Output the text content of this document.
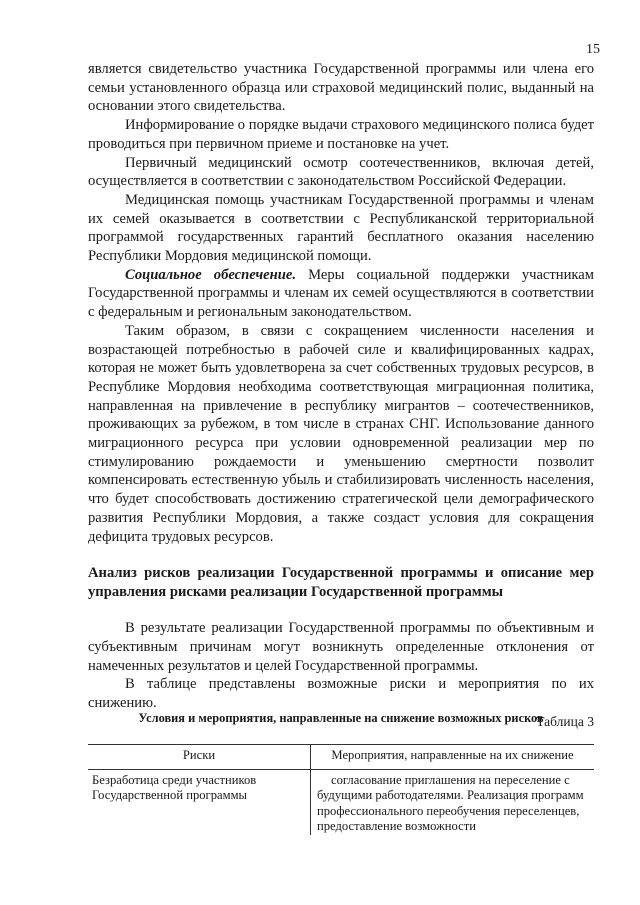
15

является свидетельство участника Государственной программы или члена его семьи установленного образца или страховой медицинский полис, выданный на основании этого свидетельства.

Информирование о порядке выдачи страхового медицинского полиса будет проводиться при первичном приеме и постановке на учет.

Первичный медицинский осмотр соотечественников, включая детей, осуществляется в соответствии с законодательством Российской Федерации.

Медицинская помощь участникам Государственной программы и членам их семей оказывается в соответствии с Республиканской территориальной программой государственных гарантий бесплатного оказания населению Республики Мордовия медицинской помощи.

Социальное обеспечение. Меры социальной поддержки участникам Государственной программы и членам их семей осуществляются в соответствии с федеральным и региональным законодательством.

Таким образом, в связи с сокращением численности населения и возрастающей потребностью в рабочей силе и квалифицированных кадрах, которая не может быть удовлетворена за счет собственных трудовых ресурсов, в Республике Мордовия необходима соответствующая миграционная политика, направленная на привлечение в республику мигрантов – соотечественников, проживающих за рубежом, в том числе в странах СНГ. Использование данного миграционного ресурса при условии одновременной реализации мер по стимулированию рождаемости и уменьшению смертности позволит компенсировать естественную убыль и стабилизировать численность населения, что будет способствовать достижению стратегической цели демографического развития Республики Мордовия, а также создаст условия для сокращения дефицита трудовых ресурсов.

Анализ рисков реализации Государственной программы и описание мер управления рисками реализации Государственной программы

В результате реализации Государственной программы по объективным и субъективным причинам могут возникнуть определенные отклонения от намеченных результатов и целей Государственной программы.

В таблице представлены возможные риски и мероприятия по их снижению.

Таблица 3

Условия и мероприятия, направленные на снижение возможных рисков
Риски	Мероприятия, направленные на их снижение
Безработица среди участников Государственной программы	согласование приглашения на переселение с будущими работодателями. Реализация программ профессионального переобучения переселенцев, предоставление возможности
